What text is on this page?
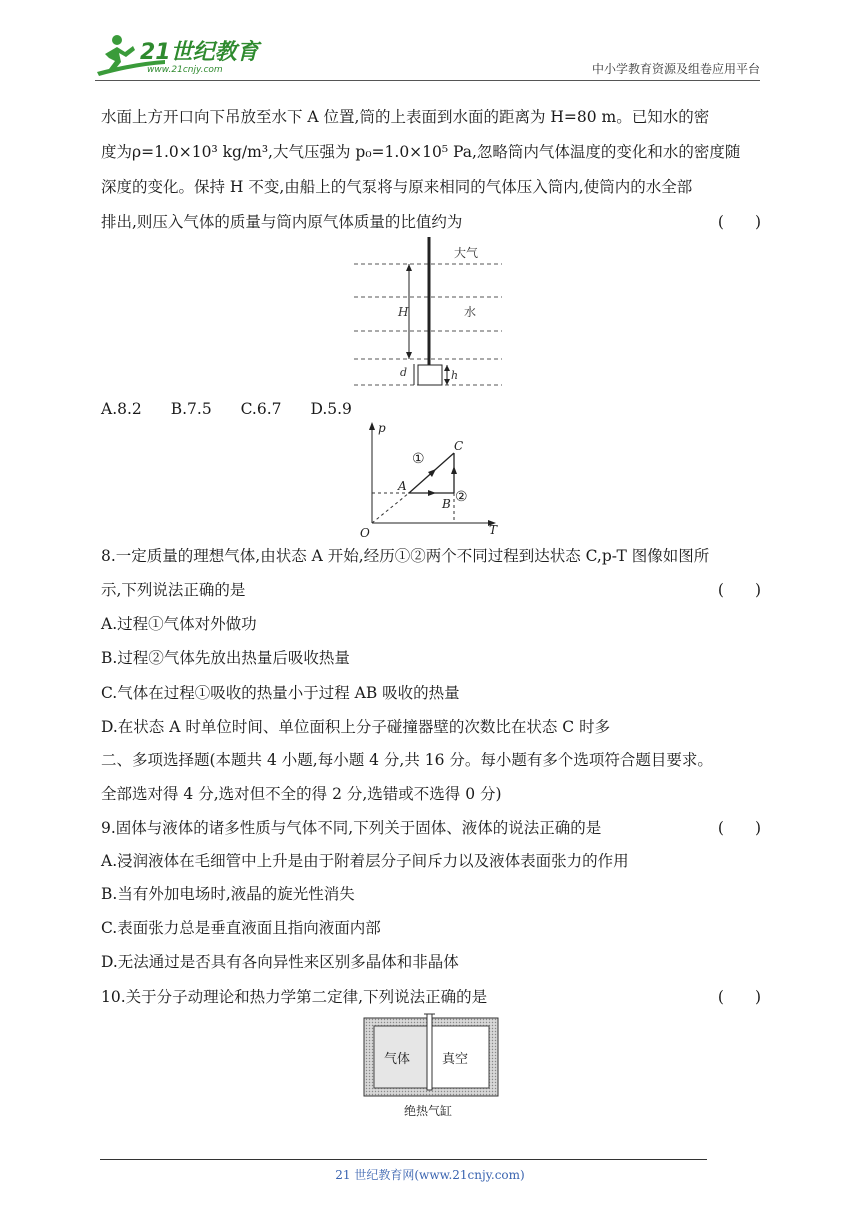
21世纪教育
www.21cnjy.com	中小学教育资源及组卷应用平台
水面上方开口向下吊放至水下 A 位置,筒的上表面到水面的距离为 H=80 m。已知水的密
度为ρ=1.0×10³ kg/m³,大气压强为 p₀=1.0×10⁵ Pa,忽略筒内气体温度的变化和水的密度随
深度的变化。保持 H 不变,由船上的气泵将与原来相同的气体压入筒内,使筒内的水全部
排出,则压入气体的质量与筒内原气体质量的比值约为	(　　)
大气
水
H
d	h
A.8.2 B.7.5 C.6.7 D.5.9
p
T
O
A
B
C
①
②
8.一定质量的理想气体,由状态 A 开始,经历①②两个不同过程到达状态 C,p-T 图像如图所
示,下列说法正确的是	(　　)
A.过程①气体对外做功
B.过程②气体先放出热量后吸收热量
C.气体在过程①吸收的热量小于过程 AB 吸收的热量
D.在状态 A 时单位时间、单位面积上分子碰撞器壁的次数比在状态 C 时多
二、多项选择题(本题共 4 小题,每小题 4 分,共 16 分。每小题有多个选项符合题目要求。
全部选对得 4 分,选对但不全的得 2 分,选错或不选得 0 分)
9.固体与液体的诸多性质与气体不同,下列关于固体、液体的说法正确的是	(　　)
A.浸润液体在毛细管中上升是由于附着层分子间斥力以及液体表面张力的作用
B.当有外加电场时,液晶的旋光性消失
C.表面张力总是垂直液面且指向液面内部
D.无法通过是否具有各向异性来区别多晶体和非晶体
10.关于分子动理论和热力学第二定律,下列说法正确的是	(　　)
气体 真空
绝热气缸
21 世纪教育网(www.21cnjy.com)
